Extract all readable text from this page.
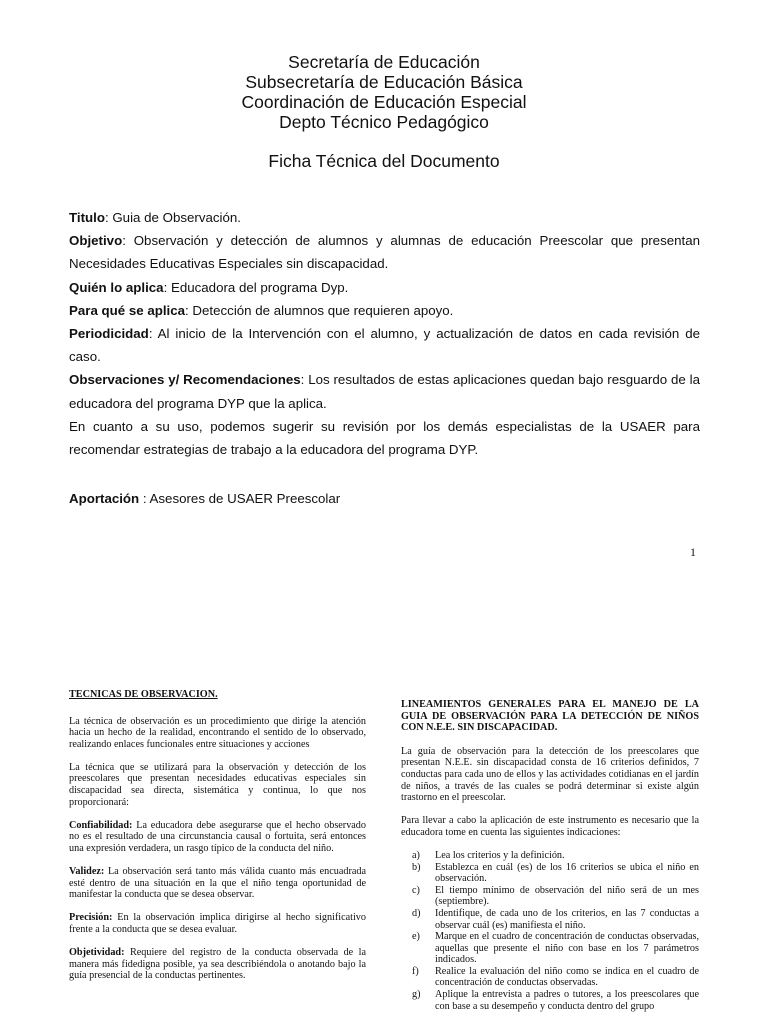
Secretaría de Educación
Subsecretaría de Educación Básica
Coordinación de Educación Especial
Depto Técnico Pedagógico
Ficha Técnica del Documento

Titulo: Guia de Observación.

Objetivo: Observación y detección de alumnos y alumnas de educación Preescolar que presentan Necesidades Educativas Especiales sin discapacidad.

Quién lo aplica: Educadora del programa Dyp.

Para qué se aplica: Detección de alumnos que requieren apoyo.

Periodicidad: Al inicio de la Intervención con el alumno, y actualización de datos en cada revisión de caso.

Observaciones y/ Recomendaciones: Los resultados de estas aplicaciones quedan bajo resguardo de la educadora del programa DYP que la aplica.

En cuanto a su uso, podemos sugerir su revisión por los demás especialistas de la USAER para recomendar estrategias de trabajo a la educadora del programa DYP.

Aportación : Asesores de USAER Preescolar
1

TECNICAS DE OBSERVACION.

La técnica de observación es un procedimiento que dirige la atención hacia un hecho de la realidad, encontrando el sentido de lo observado, realizando enlaces funcionales entre situaciones y acciones

La técnica que se utilizará para la observación y detección de los preescolares que presentan necesidades educativas especiales sin discapacidad sea directa, sistemática y continua, lo que nos proporcionará:

Confiabilidad: La educadora debe asegurarse que el hecho observado no es el resultado de una circunstancia causal o fortuita, será entonces una expresión verdadera, un rasgo típico de la conducta del niño.

Validez: La observación será tanto más válida cuanto más encuadrada esté dentro de una situación en la que el niño tenga oportunidad de manifestar la conducta que se desea observar.

Precisión: En la observación implica dirigirse al hecho significativo frente a la conducta que se desea evaluar.

Objetividad: Requiere del registro de la conducta observada de la manera más fidedigna posible, ya sea describiéndola o anotando bajo la guía presencial de la conductas pertinentes.

LINEAMIENTOS GENERALES PARA EL MANEJO DE LA GUIA DE OBSERVACIÓN PARA LA DETECCIÓN DE NIÑOS CON N.E.E. SIN DISCAPACIDAD.

La guía de observación para la detección de los preescolares que presentan N.E.E. sin discapacidad consta de 16 criterios definidos, 7 conductas para cada uno de ellos y las actividades cotidianas en el jardín de niños, a través de las cuales se podrá determinar si existe algún trastorno en el preescolar.

Para llevar a cabo la aplicación de este instrumento es necesario que la educadora tome en cuenta las siguientes indicaciones:

a)	Lea los criterios y la definición.
b)	Establezca en cuál (es) de los 16 criterios se ubica el niño en observación.
c)	El tiempo mínimo de observación del niño será de un mes (septiembre).
d)	Identifique, de cada uno de los criterios, en las 7 conductas a observar cuál (es) manifiesta el niño.
e)	Marque en el cuadro de concentración de conductas observadas, aquellas que presente el niño con base en los 7 parámetros indicados.
f)	Realice la evaluación del niño como se indica en el cuadro de concentración de conductas observadas.
g)	Aplique la entrevista a padres o tutores, a los preescolares que con base a su desempeño y conducta dentro del grupo
